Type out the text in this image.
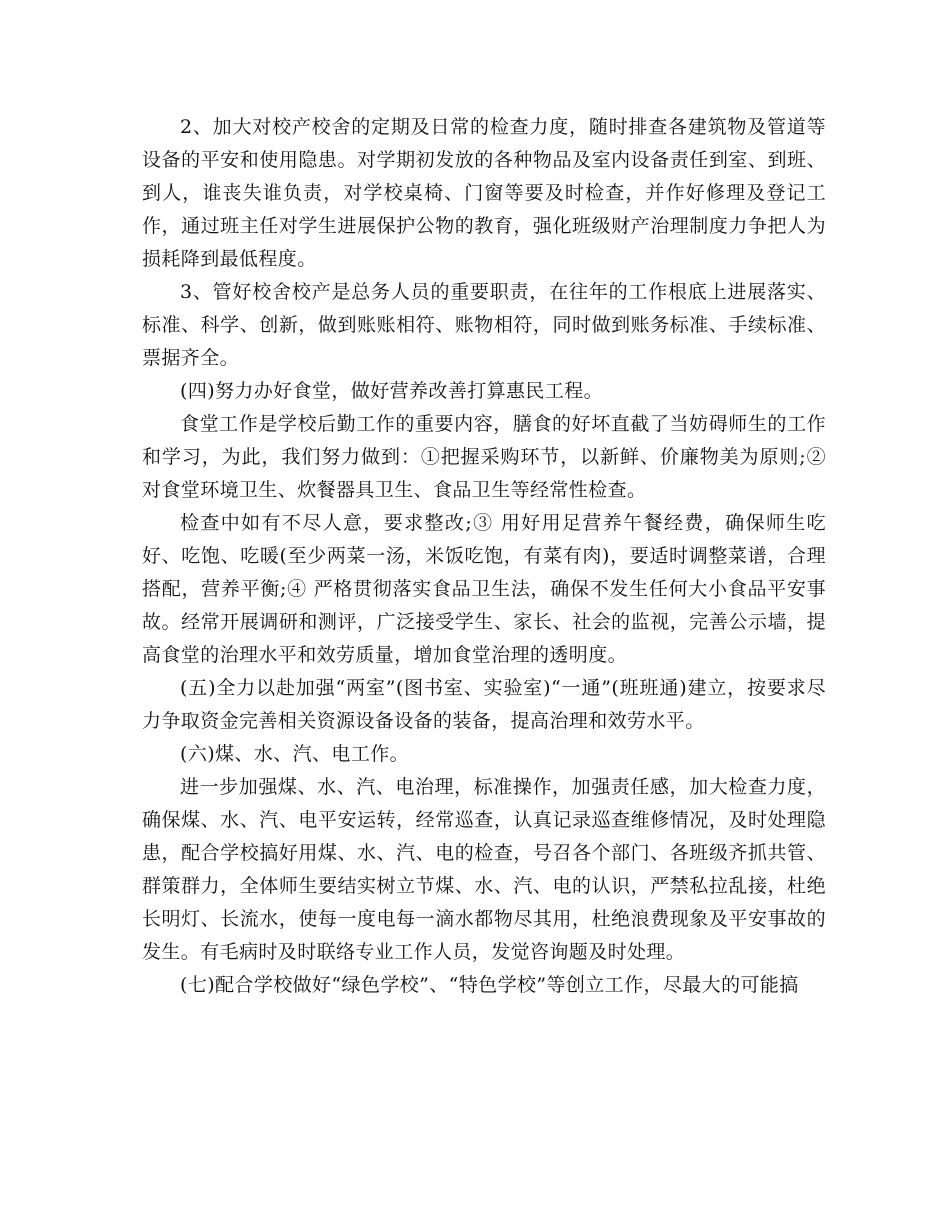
2、加大对校产校舍的定期及日常的检查力度，随时排查各建筑物及管道等设备的平安和使用隐患。对学期初发放的各种物品及室内设备责任到室、到班、到人，谁丧失谁负责，对学校桌椅、门窗等要及时检查，并作好修理及登记工作，通过班主任对学生进展保护公物的教育，强化班级财产治理制度力争把人为损耗降到最低程度。

3、管好校舍校产是总务人员的重要职责，在往年的工作根底上进展落实、标准、科学、创新，做到账账相符、账物相符，同时做到账务标准、手续标准、票据齐全。

(四)努力办好食堂，做好营养改善打算惠民工程。

食堂工作是学校后勤工作的重要内容，膳食的好坏直截了当妨碍师生的工作和学习，为此，我们努力做到：①把握采购环节，以新鲜、价廉物美为原则;② 对食堂环境卫生、炊餐器具卫生、食品卫生等经常性检查。

检查中如有不尽人意，要求整改;③ 用好用足营养午餐经费，确保师生吃好、吃饱、吃暖(至少两菜一汤，米饭吃饱，有菜有肉)，要适时调整菜谱，合理搭配，营养平衡;④ 严格贯彻落实食品卫生法，确保不发生任何大小食品平安事故。经常开展调研和测评，广泛接受学生、家长、社会的监视，完善公示墙，提高食堂的治理水平和效劳质量，增加食堂治理的透明度。

(五)全力以赴加强“两室”(图书室、实验室)“一通”(班班通)建立，按要求尽力争取资金完善相关资源设备设备的装备，提高治理和效劳水平。

(六)煤、水、汽、电工作。

进一步加强煤、水、汽、电治理，标准操作，加强责任感，加大检查力度，确保煤、水、汽、电平安运转，经常巡查，认真记录巡查维修情况，及时处理隐患，配合学校搞好用煤、水、汽、电的检查，号召各个部门、各班级齐抓共管、群策群力，全体师生要结实树立节煤、水、汽、电的认识，严禁私拉乱接，杜绝长明灯、长流水，使每一度电每一滴水都物尽其用，杜绝浪费现象及平安事故的发生。有毛病时及时联络专业工作人员，发觉咨询题及时处理。

(七)配合学校做好“绿色学校”、“特色学校”等创立工作，尽最大的可能搞
